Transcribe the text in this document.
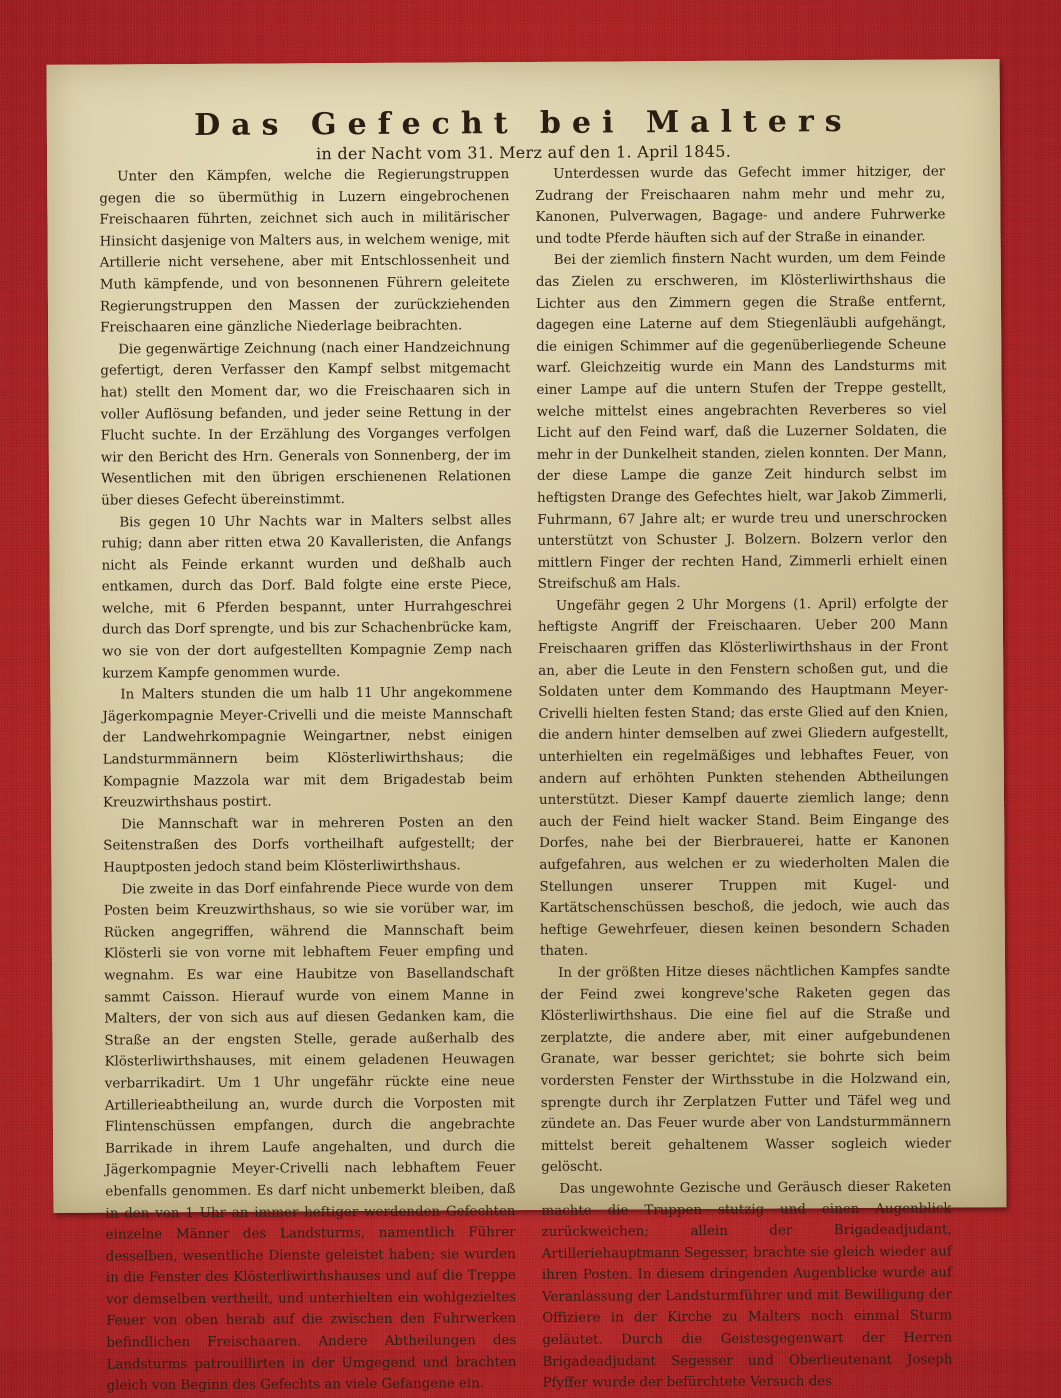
Das Gefecht bei Malters
in der Nacht vom 31. Merz auf den 1. April 1845.

Unter den Kämpfen, welche die Regierungstruppen gegen die so übermüthig in Luzern eingebrochenen Freischaaren führten, zeichnet sich auch in militärischer Hinsicht dasjenige von Malters aus, in welchem wenige, mit Artillerie nicht versehene, aber mit Entschlossenheit und Muth kämpfende, und von besonnenen Führern geleitete Regierungstruppen den Massen der zurückziehenden Freischaaren eine gänzliche Niederlage beibrachten.

Die gegenwärtige Zeichnung (nach einer Handzeichnung gefertigt, deren Verfasser den Kampf selbst mitgemacht hat) stellt den Moment dar, wo die Freischaaren sich in voller Auflösung befanden, und jeder seine Rettung in der Flucht suchte. In der Erzählung des Vorganges verfolgen wir den Bericht des Hrn. Generals von Sonnenberg, der im Wesentlichen mit den übrigen erschienenen Relationen über dieses Gefecht übereinstimmt.

Bis gegen 10 Uhr Nachts war in Malters selbst alles ruhig; dann aber ritten etwa 20 Kavalleristen, die Anfangs nicht als Feinde erkannt wurden und deßhalb auch entkamen, durch das Dorf. Bald folgte eine erste Piece, welche, mit 6 Pferden bespannt, unter Hurrahgeschrei durch das Dorf sprengte, und bis zur Schachenbrücke kam, wo sie von der dort aufgestellten Kompagnie Zemp nach kurzem Kampfe genommen wurde.

In Malters stunden die um halb 11 Uhr angekommene Jägerkompagnie Meyer-Crivelli und die meiste Mannschaft der Landwehrkompagnie Weingartner, nebst einigen Landsturmmännern beim Klösterliwirthshaus; die Kompagnie Mazzola war mit dem Brigadestab beim Kreuzwirthshaus postirt.

Die Mannschaft war in mehreren Posten an den Seitenstraßen des Dorfs vortheilhaft aufgestellt; der Hauptposten jedoch stand beim Klösterliwirthshaus.

Die zweite in das Dorf einfahrende Piece wurde von dem Posten beim Kreuzwirthshaus, so wie sie vorüber war, im Rücken angegriffen, während die Mannschaft beim Klösterli sie von vorne mit lebhaftem Feuer empfing und wegnahm. Es war eine Haubitze von Basellandschaft sammt Caisson. Hierauf wurde von einem Manne in Malters, der von sich aus auf diesen Gedanken kam, die Straße an der engsten Stelle, gerade außerhalb des Klösterliwirthshauses, mit einem geladenen Heuwagen verbarrikadirt. Um 1 Uhr ungefähr rückte eine neue Artillerieabtheilung an, wurde durch die Vorposten mit Flintenschüssen empfangen, durch die angebrachte Barrikade in ihrem Laufe angehalten, und durch die Jägerkompagnie Meyer-Crivelli nach lebhaftem Feuer ebenfalls genommen. Es darf nicht unbemerkt bleiben, daß in den von 1 Uhr an immer heftiger werdenden Gefechten einzelne Männer des Landsturms, namentlich Führer desselben, wesentliche Dienste geleistet haben; sie wurden in die Fenster des Klösterliwirthshauses und auf die Treppe vor demselben vertheilt, und unterhielten ein wohlgezieltes Feuer von oben herab auf die zwischen den Fuhrwerken befindlichen Freischaaren. Andere Abtheilungen des Landsturms patrouillirten in der Umgegend und brachten gleich von Beginn des Gefechts an viele Gefangene ein.

Unterdessen wurde das Gefecht immer hitziger, der Zudrang der Freischaaren nahm mehr und mehr zu, Kanonen, Pulverwagen, Bagage- und andere Fuhrwerke und todte Pferde häuften sich auf der Straße in einander.

Bei der ziemlich finstern Nacht wurden, um dem Feinde das Zielen zu erschweren, im Klösterliwirthshaus die Lichter aus den Zimmern gegen die Straße entfernt, dagegen eine Laterne auf dem Stiegenläubli aufgehängt, die einigen Schimmer auf die gegenüberliegende Scheune warf. Gleichzeitig wurde ein Mann des Landsturms mit einer Lampe auf die untern Stufen der Treppe gestellt, welche mittelst eines angebrachten Reverberes so viel Licht auf den Feind warf, daß die Luzerner Soldaten, die mehr in der Dunkelheit standen, zielen konnten. Der Mann, der diese Lampe die ganze Zeit hindurch selbst im heftigsten Drange des Gefechtes hielt, war Jakob Zimmerli, Fuhrmann, 67 Jahre alt; er wurde treu und unerschrocken unterstützt von Schuster J. Bolzern. Bolzern verlor den mittlern Finger der rechten Hand, Zimmerli erhielt einen Streifschuß am Hals.

Ungefähr gegen 2 Uhr Morgens (1. April) erfolgte der heftigste Angriff der Freischaaren. Ueber 200 Mann Freischaaren griffen das Klösterliwirthshaus in der Front an, aber die Leute in den Fenstern schoßen gut, und die Soldaten unter dem Kommando des Hauptmann Meyer-Crivelli hielten festen Stand; das erste Glied auf den Knien, die andern hinter demselben auf zwei Gliedern aufgestellt, unterhielten ein regelmäßiges und lebhaftes Feuer, von andern auf erhöhten Punkten stehenden Abtheilungen unterstützt. Dieser Kampf dauerte ziemlich lange; denn auch der Feind hielt wacker Stand. Beim Eingange des Dorfes, nahe bei der Bierbrauerei, hatte er Kanonen aufgefahren, aus welchen er zu wiederholten Malen die Stellungen unserer Truppen mit Kugel- und Kartätschenschüssen beschoß, die jedoch, wie auch das heftige Gewehrfeuer, diesen keinen besondern Schaden thaten.

In der größten Hitze dieses nächtlichen Kampfes sandte der Feind zwei kongreve'sche Raketen gegen das Klösterliwirthshaus. Die eine fiel auf die Straße und zerplatzte, die andere aber, mit einer aufgebundenen Granate, war besser gerichtet; sie bohrte sich beim vordersten Fenster der Wirthsstube in die Holzwand ein, sprengte durch ihr Zerplatzen Futter und Täfel weg und zündete an. Das Feuer wurde aber von Landsturmmännern mittelst bereit gehaltenem Wasser sogleich wieder gelöscht.

Das ungewohnte Gezische und Geräusch dieser Raketen machte die Truppen stutzig und einen Augenblick zurückweichen; allein der Brigadeadjudant, Artilleriehauptmann Segesser, brachte sie gleich wieder auf ihren Posten. In diesem dringenden Augenblicke wurde auf Veranlassung der Landsturmführer und mit Bewilligung der Offiziere in der Kirche zu Malters noch einmal Sturm geläutet. Durch die Geistesgegenwart der Herren Brigadeadjudant Segesser und Oberlieutenant Joseph Pfyffer wurde der befürchtete Versuch des
